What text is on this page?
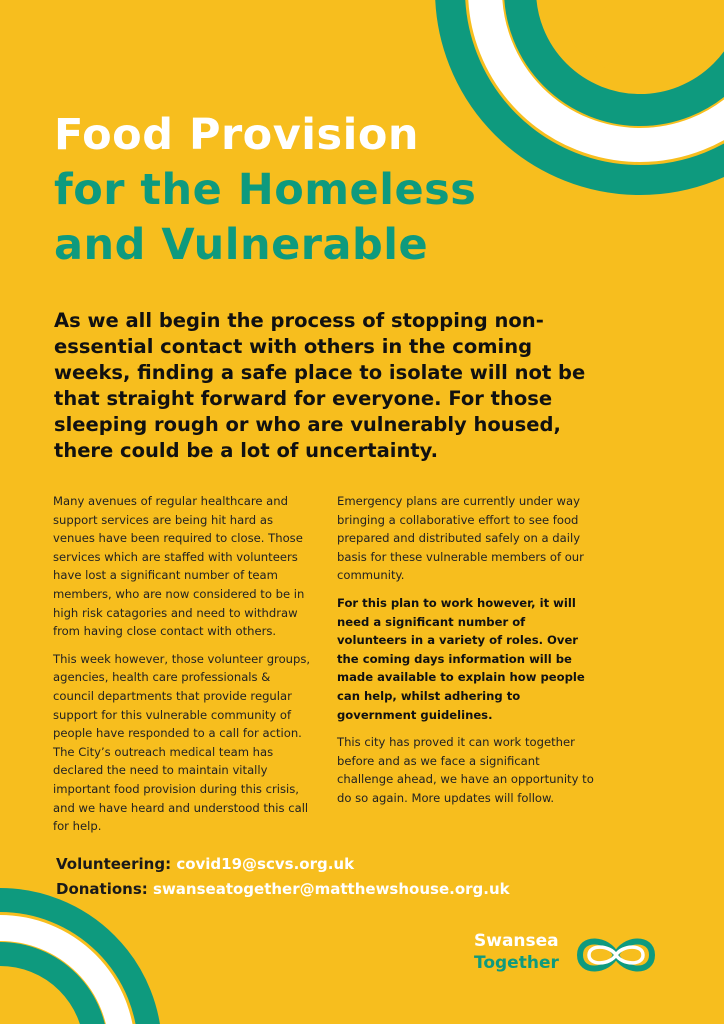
Food Provision
for the Homeless
and Vulnerable

As we all begin the process of stopping non-essential contact with others in the coming weeks, finding a safe place to isolate will not be that straight forward for everyone. For those sleeping rough or who are vulnerably housed, there could be a lot of uncertainty.

Many avenues of regular healthcare and support services are being hit hard as venues have been required to close. Those services which are staffed with volunteers have lost a significant number of team members, who are now considered to be in high risk catagories and need to withdraw from having close contact with others.

This week however, those volunteer groups, agencies, health care professionals & council departments that provide regular support for this vulnerable community of people have responded to a call for action. The City’s outreach medical team has declared the need to maintain vitally important food provision during this crisis, and we have heard and understood this call for help.

Emergency plans are currently under way bringing a collaborative effort to see food prepared and distributed safely on a daily basis for these vulnerable members of our community.

For this plan to work however, it will need a significant number of volunteers in a variety of roles. Over the coming days information will be made available to explain how people can help, whilst adhering to government guidelines.

This city has proved it can work together before and as we face a significant challenge ahead, we have an opportunity to do so again. More updates will follow.

Volunteering: covid19@scvs.org.uk
Donations: swanseatogether@matthewshouse.org.uk
Swansea
Together
